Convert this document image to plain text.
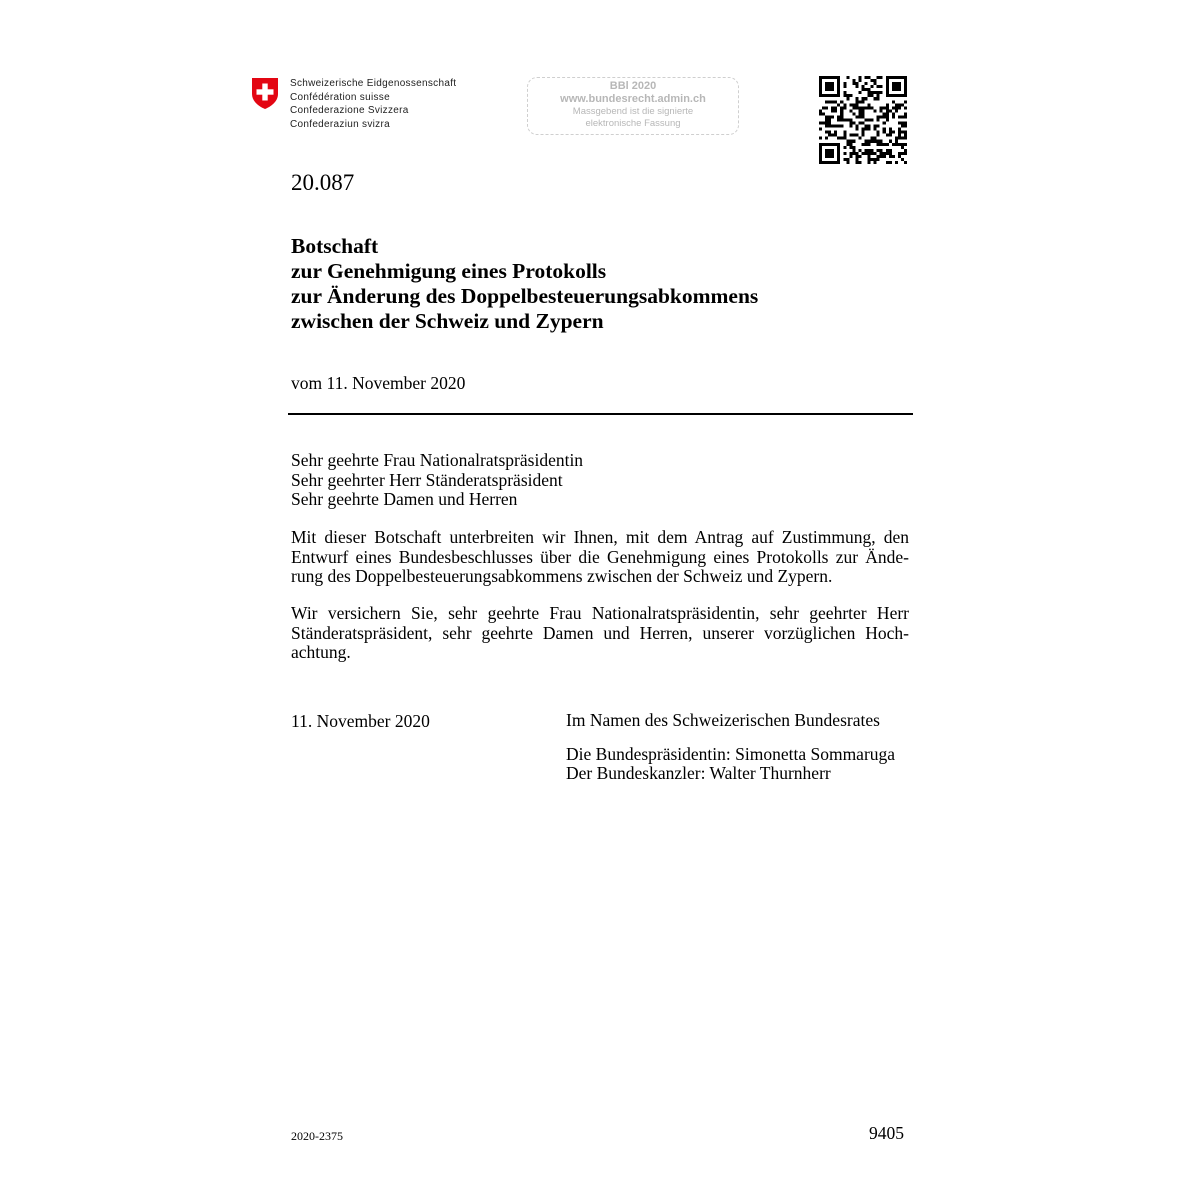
Schweizerische Eidgenossenschaft
Confédération suisse
Confederazione Svizzera
Confederaziun svizra
BBl 2020
www.bundesrecht.admin.ch
Massgebend ist die signierte
elektronische Fassung
20.087
Botschaft
zur Genehmigung eines Protokolls
zur Änderung des Doppelbesteuerungsabkommens
zwischen der Schweiz und Zypern
vom 11. November 2020
Sehr geehrte Frau Nationalratspräsidentin
Sehr geehrter Herr Ständeratspräsident
Sehr geehrte Damen und Herren

Mit dieser Botschaft unterbreiten wir Ihnen, mit dem Antrag auf Zustimmung, den Entwurf eines Bundesbeschlusses über die Genehmigung eines Protokolls zur Änderung des Doppelbesteuerungsabkommens zwischen der Schweiz und Zypern.

Wir versichern Sie, sehr geehrte Frau Nationalratspräsidentin, sehr geehrter Herr Ständeratspräsident, sehr geehrte Damen und Herren, unserer vorzüglichen Hochachtung.

11. November 2020	Im Namen des Schweizerischen Bundesrates
Die Bundespräsidentin: Simonetta Sommaruga
Der Bundeskanzler: Walter Thurnherr
2020-2375	9405
